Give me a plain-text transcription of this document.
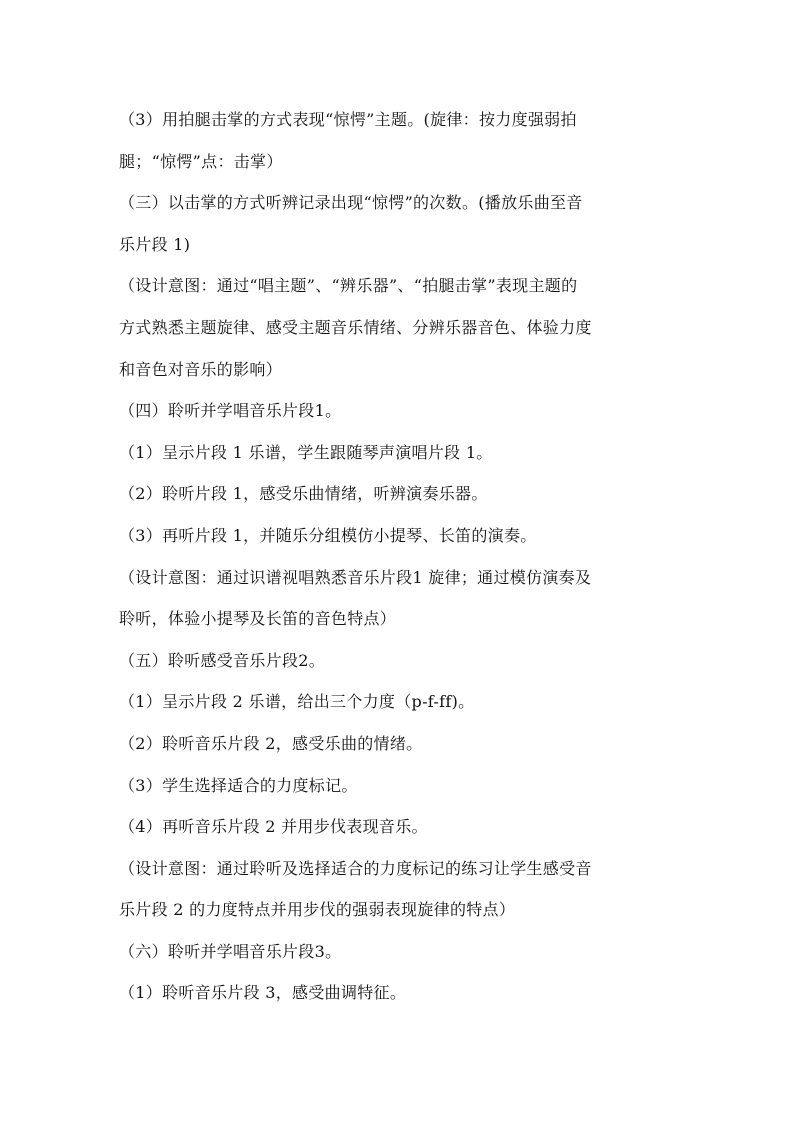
（3）用拍腿击掌的方式表现“惊愕”主题。(旋律：按力度强弱拍

腿；“惊愕”点：击掌）

（三）以击掌的方式听辨记录出现“惊愕”的次数。(播放乐曲至音

乐片段 1)

（设计意图：通过“唱主题”、“辨乐器”、“拍腿击掌”表现主题的

方式熟悉主题旋律、感受主题音乐情绪、分辨乐器音色、体验力度

和音色对音乐的影响）

（四）聆听并学唱音乐片段1。

（1）呈示片段 1 乐谱，学生跟随琴声演唱片段 1。

（2）聆听片段 1，感受乐曲情绪，听辨演奏乐器。

（3）再听片段 1，并随乐分组模仿小提琴、长笛的演奏。

（设计意图：通过识谱视唱熟悉音乐片段1 旋律；通过模仿演奏及

聆听，体验小提琴及长笛的音色特点）

（五）聆听感受音乐片段2。

（1）呈示片段 2 乐谱，给出三个力度（p-f-ff)。

（2）聆听音乐片段 2，感受乐曲的情绪。

（3）学生选择适合的力度标记。

（4）再听音乐片段 2 并用步伐表现音乐。

（设计意图：通过聆听及选择适合的力度标记的练习让学生感受音

乐片段 2 的力度特点并用步伐的强弱表现旋律的特点）

（六）聆听并学唱音乐片段3。

（1）聆听音乐片段 3，感受曲调特征。
